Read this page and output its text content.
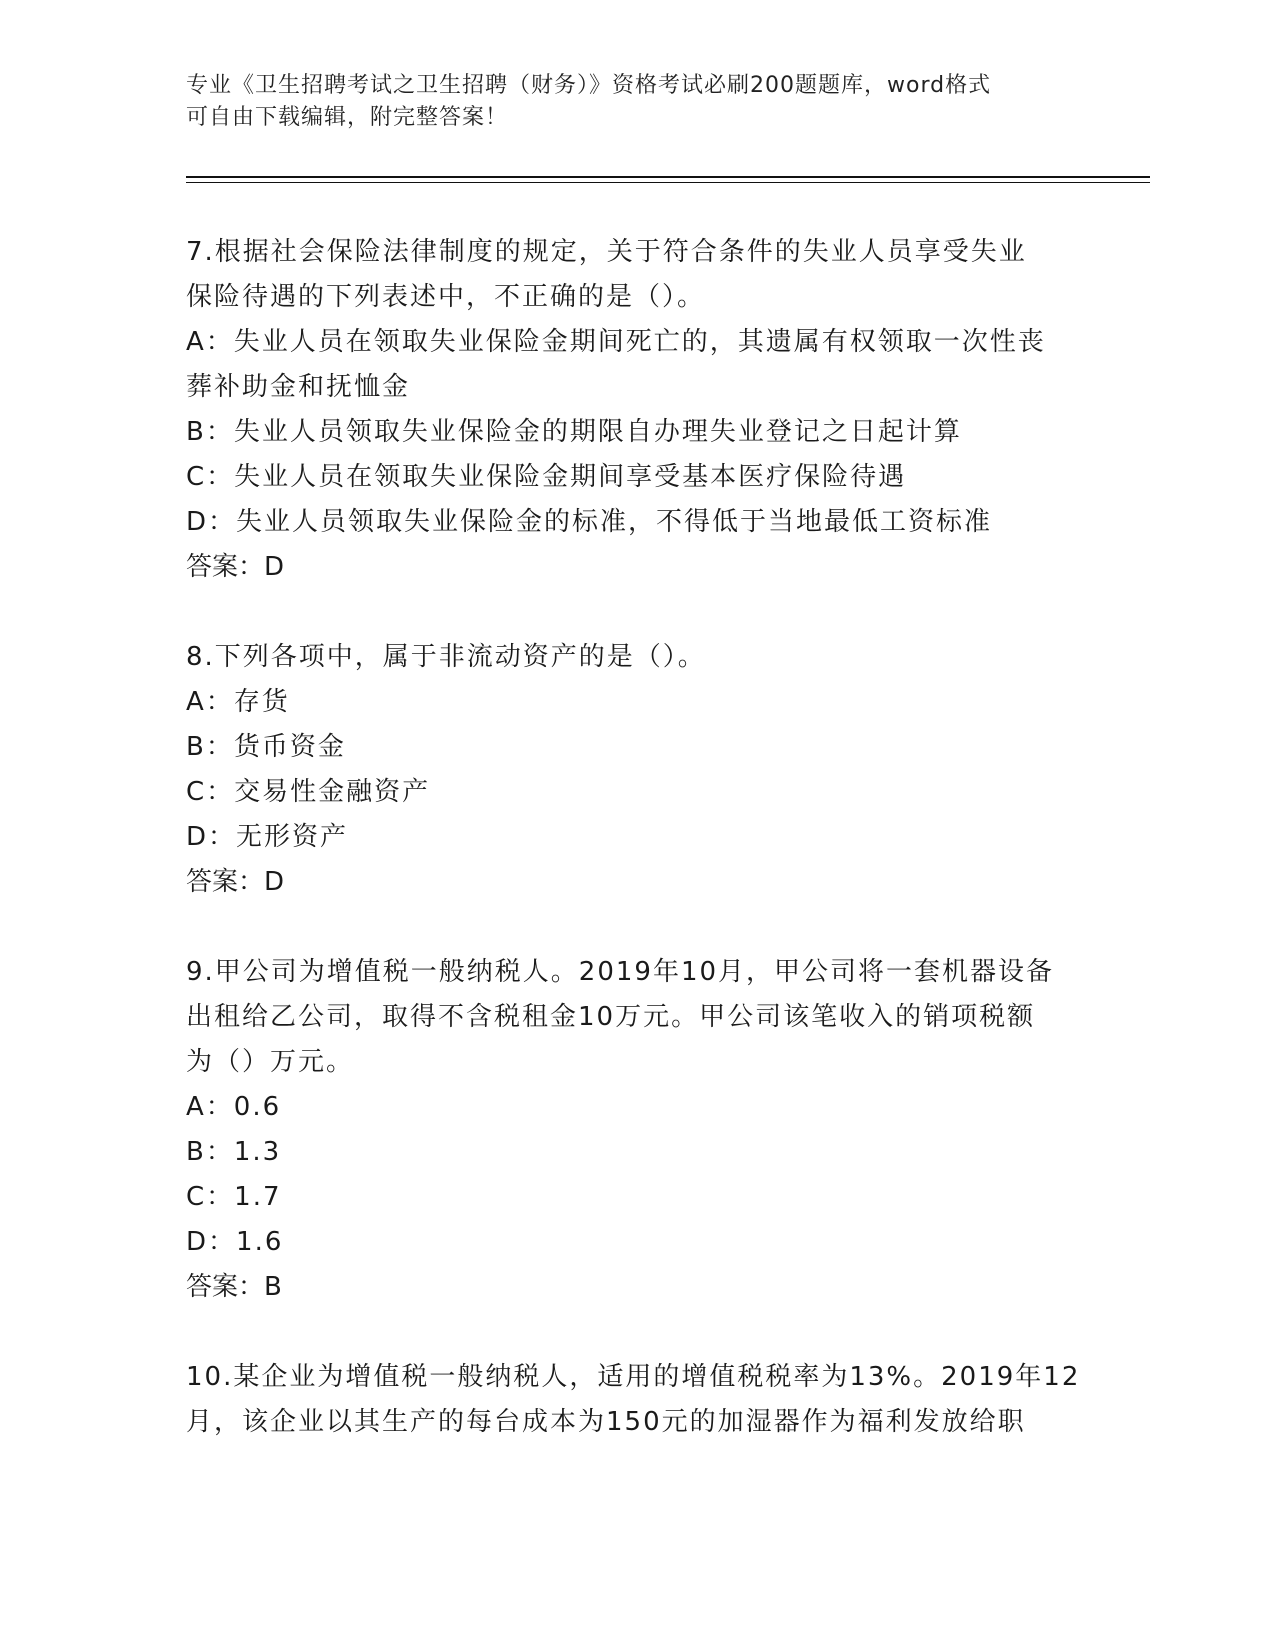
专业《卫生招聘考试之卫生招聘（财务）》资格考试必刷200题题库，word格式
可自由下载编辑，附完整答案！
7.根据社会保险法律制度的规定，关于符合条件的失业人员享受失业
保险待遇的下列表述中，不正确的是（）。
A：失业人员在领取失业保险金期间死亡的，其遗属有权领取一次性丧
葬补助金和抚恤金
B：失业人员领取失业保险金的期限自办理失业登记之日起计算
C：失业人员在领取失业保险金期间享受基本医疗保险待遇
D：失业人员领取失业保险金的标准，不得低于当地最低工资标准
答案：D
8.下列各项中，属于非流动资产的是（）。
A：存货
B：货币资金
C：交易性金融资产
D：无形资产
答案：D
9.甲公司为增值税一般纳税人。2019年10月，甲公司将一套机器设备
出租给乙公司，取得不含税租金10万元。甲公司该笔收入的销项税额
为（）万元。
A：0.6
B：1.3
C：1.7
D：1.6
答案：B
10.某企业为增值税一般纳税人，适用的增值税税率为13%。2019年12
月，该企业以其生产的每台成本为150元的加湿器作为福利发放给职
